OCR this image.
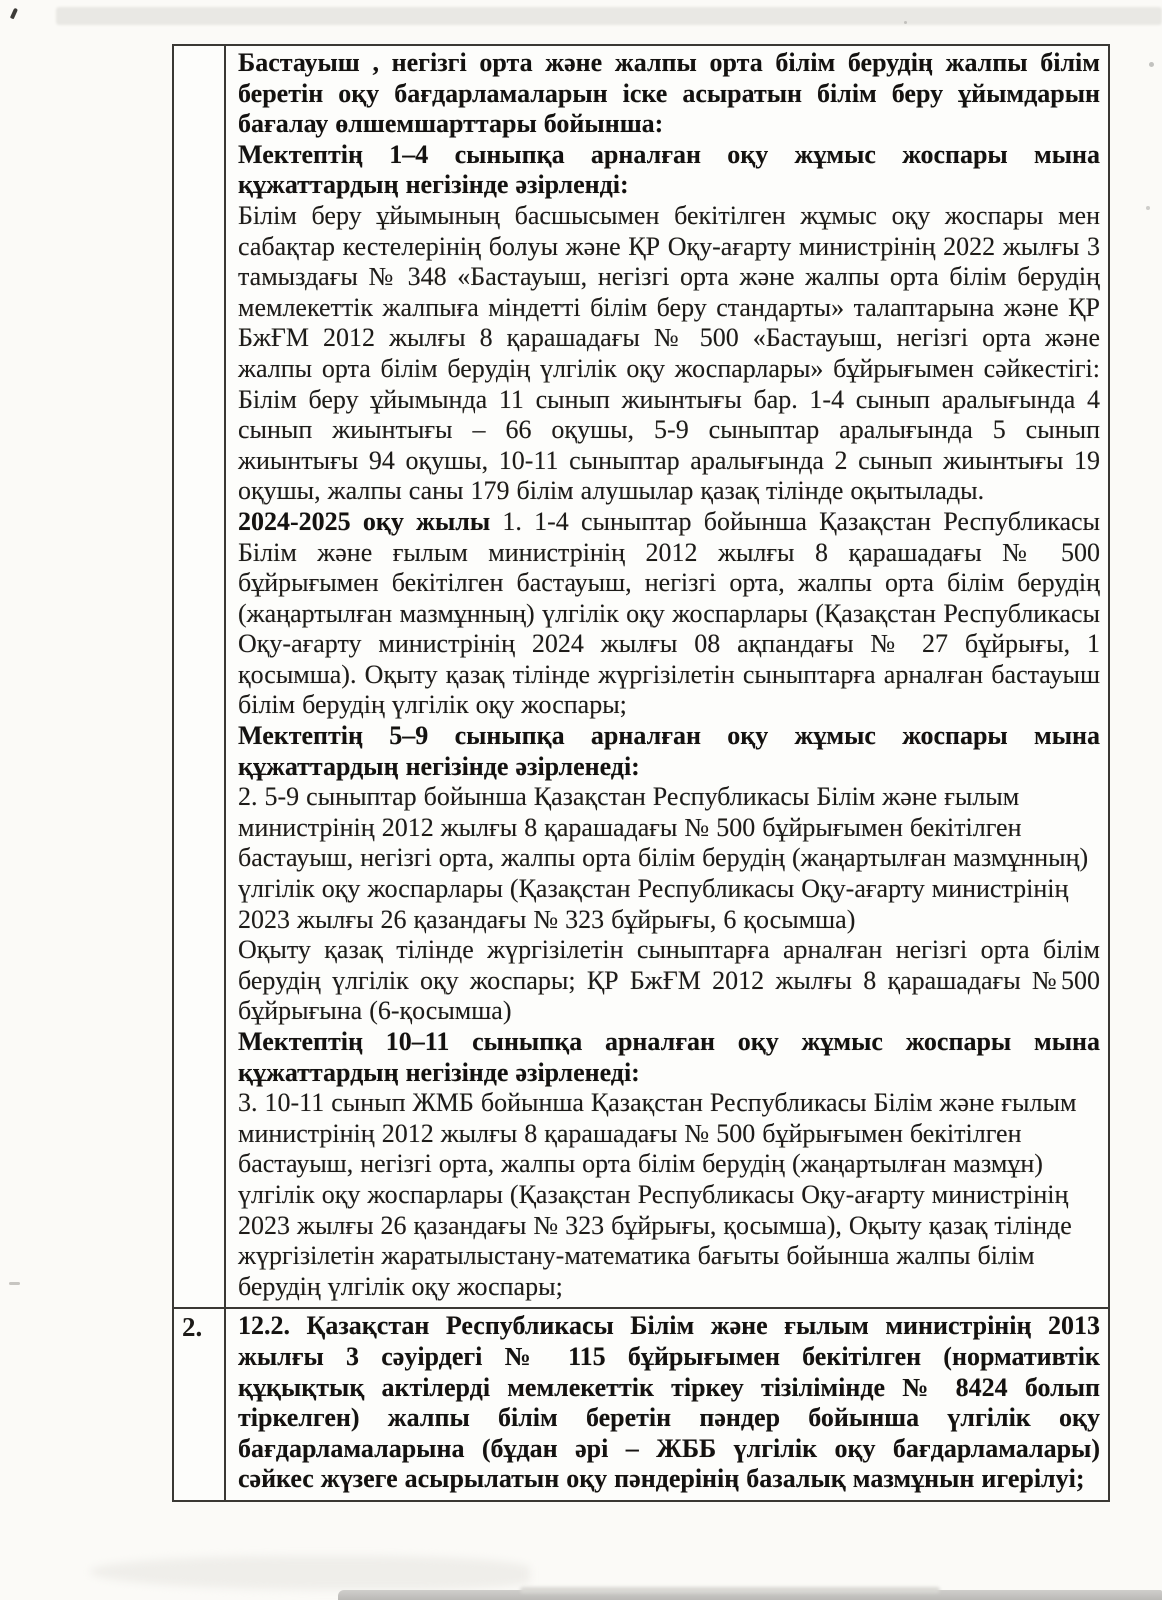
Бастауыш , негізгі орта және жалпы орта білім берудің жалпы білім беретін оқу бағдарламаларын іске асыратын білім беру ұйымдарын бағалау өлшемшарттары бойынша:

Мектептің 1–4 сыныпқа арналған оқу жұмыс жоспары мына құжаттардың негізінде әзірленді:

Білім беру ұйымының басшысымен бекітілген жұмыс оқу жоспары мен сабақтар кестелерінің болуы және ҚР Оқу-ағарту министрінің 2022 жылғы 3 тамыздағы № 348 «Бастауыш, негізгі орта және жалпы орта білім берудің мемлекеттік жалпыға міндетті білім беру стандарты» талаптарына және ҚР БжҒМ 2012 жылғы 8 қарашадағы № 500 «Бастауыш, негізгі орта және жалпы орта білім берудің үлгілік оқу жоспарлары» бұйрығымен сәйкестігі: Білім беру ұйымында 11 сынып жиынтығы бар. 1-4 сынып аралығында 4 сынып жиынтығы – 66 оқушы, 5-9 сыныптар аралығында 5 сынып жиынтығы 94 оқушы, 10-11 сыныптар аралығында 2 сынып жиынтығы 19 оқушы, жалпы саны 179 білім алушылар қазақ тілінде оқытылады.

2024-2025 оқу жылы 1. 1-4 сыныптар бойынша Қазақстан Республикасы Білім және ғылым министрінің 2012 жылғы 8 қарашадағы № 500 бұйрығымен бекітілген бастауыш, негізгі орта, жалпы орта білім берудің (жаңартылған мазмұнның) үлгілік оқу жоспарлары (Қазақстан Республикасы Оқу-ағарту министрінің 2024 жылғы 08 ақпандағы № 27 бұйрығы, 1 қосымша). Оқыту қазақ тілінде жүргізілетін сыныптарға арналған бастауыш білім берудің үлгілік оқу жоспары;

Мектептің 5–9 сыныпқа арналған оқу жұмыс жоспары мына құжаттардың негізінде әзірленеді:

2. 5-9 сыныптар бойынша Қазақстан Республикасы Білім және ғылым министрінің 2012 жылғы 8 қарашадағы № 500 бұйрығымен бекітілген бастауыш, негізгі орта, жалпы орта білім берудің (жаңартылған мазмұнның) үлгілік оқу жоспарлары (Қазақстан Республикасы Оқу-ағарту министрінің 2023 жылғы 26 қазандағы № 323 бұйрығы, 6 қосымша)

Оқыту қазақ тілінде жүргізілетін сыныптарға арналған негізгі орта білім берудің үлгілік оқу жоспары; ҚР БжҒМ 2012 жылғы 8 қарашадағы №500 бұйрығына (6-қосымша)

Мектептің 10–11 сыныпқа арналған оқу жұмыс жоспары мына құжаттардың негізінде әзірленеді:

3. 10-11 сынып ЖМБ бойынша Қазақстан Республикасы Білім және ғылым министрінің 2012 жылғы 8 қарашадағы № 500 бұйрығымен бекітілген бастауыш, негізгі орта, жалпы орта білім берудің (жаңартылған мазмұн) үлгілік оқу жоспарлары (Қазақстан Республикасы Оқу-ағарту министрінің 2023 жылғы 26 қазандағы № 323 бұйрығы, қосымша), Оқыту қазақ тілінде жүргізілетін жаратылыстану-математика бағыты бойынша жалпы білім берудің үлгілік оқу жоспары;

2.	12.2. Қазақстан Республикасы Білім және ғылым министрінің 2013 жылғы 3 сәуірдегі № 115 бұйрығымен бекітілген (нормативтік құқықтық актілерді мемлекеттік тіркеу тізілімінде № 8424 болып тіркелген) жалпы білім беретін пәндер бойынша үлгілік оқу бағдарламаларына (бұдан әрі – ЖББ үлгілік оқу бағдарламалары) сәйкес жүзеге асырылатын оқу пәндерінің базалық мазмұнын игерілуі;
